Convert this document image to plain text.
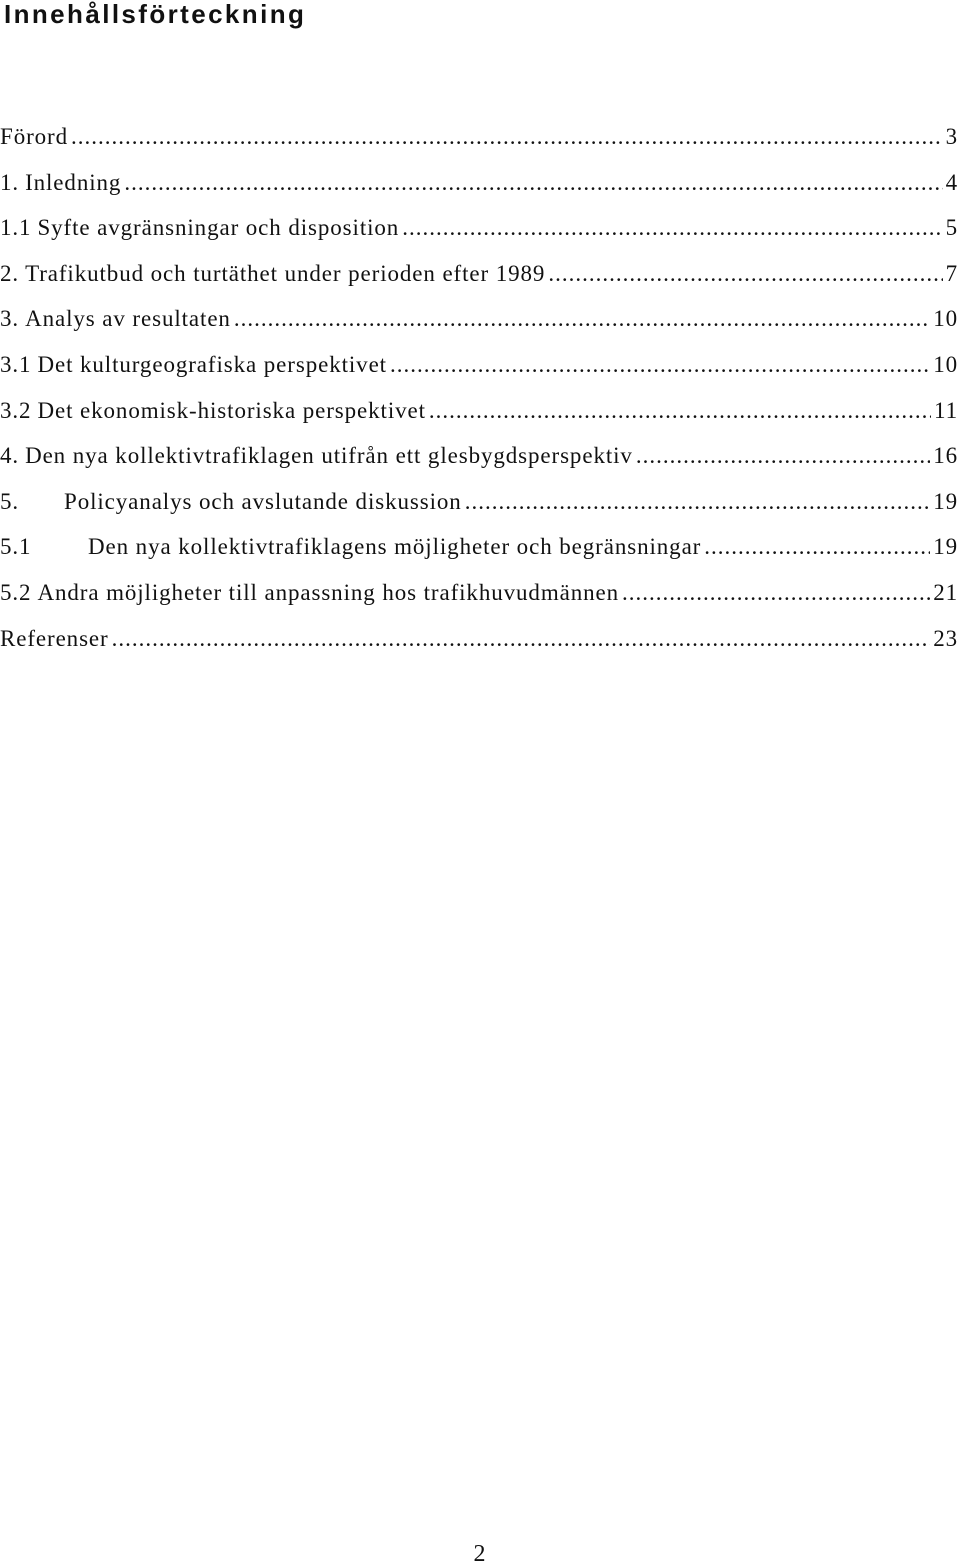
Innehållsförteckning
Förord .....	3
1. Inledning .....	4
1.1 Syfte avgränsningar och disposition .....	5
2. Trafikutbud och turtäthet under perioden efter 1989 .....	7
3. Analys av resultaten .....	10
3.1 Det kulturgeografiska perspektivet .....	10
3.2 Det ekonomisk-historiska perspektivet .....	11
4. Den nya kollektivtrafiklagen utifrån ett glesbygdsperspektiv .....	16
5.	Policyanalys och avslutande diskussion .....	19
5.1	Den nya kollektivtrafiklagens möjligheter och begränsningar .....	19
5.2 Andra möjligheter till anpassning hos trafikhuvudmännen .....	21
Referenser .....	23
2
